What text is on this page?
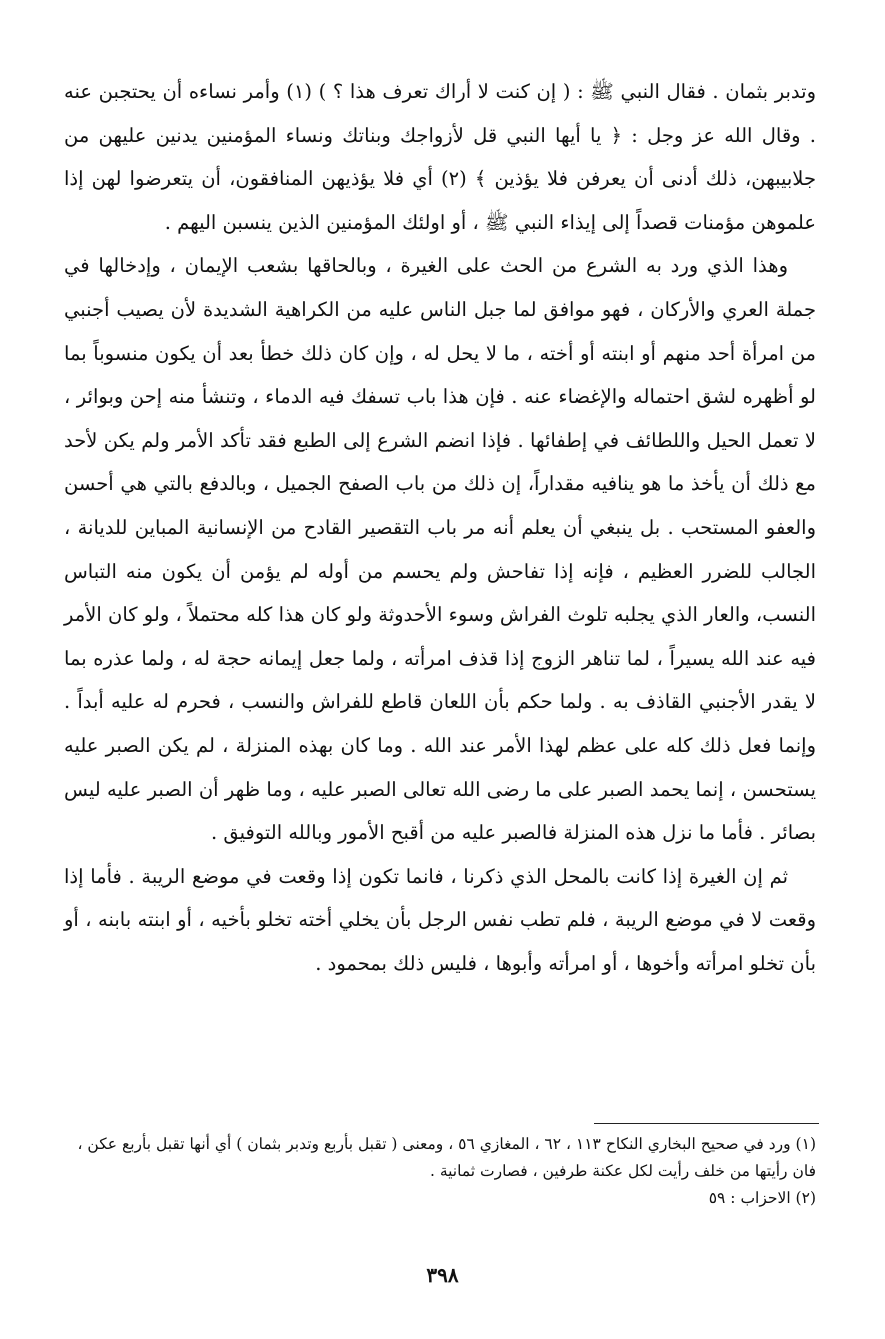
وتدبر بثمان . فقال النبي ﷺ : ( إن كنت لا أراك تعرف هذا ؟ ) (١) وأمر نساءه أن يحتجبن عنه . وقال الله عز وجل : ﴿ يا أيها النبي قل لأزواجك وبناتك ونساء المؤمنين يدنين عليهن من جلابيبهن، ذلك أدنى أن يعرفن فلا يؤذين ﴾ (٢) أي فلا يؤذيهن المنافقون، أن يتعرضوا لهن إذا علموهن مؤمنات قصداً إلى إيذاء النبي ﷺ ، أو اولئك المؤمنين الذين ينسبن اليهم .

وهذا الذي ورد به الشرع من الحث على الغيرة ، وبالحاقها بشعب الإيمان ، وإدخالها في جملة العري والأركان ، فهو موافق لما جبل الناس عليه من الكراهية الشديدة لأن يصيب أجنبي من امرأة أحد منهم أو ابنته أو أخته ، ما لا يحل له ، وإن كان ذلك خطأ بعد أن يكون منسوباً بما لو أظهره لشق احتماله والإغضاء عنه . فإن هذا باب تسفك فيه الدماء ، وتنشأ منه إحن وبوائر ، لا تعمل الحيل واللطائف في إطفائها . فإذا انضم الشرع إلى الطبع فقد تأكد الأمر ولم يكن لأحد مع ذلك أن يأخذ ما هو ينافيه مقداراً، إن ذلك من باب الصفح الجميل ، وبالدفع بالتي هي أحسن والعفو المستحب . بل ينبغي أن يعلم أنه مر باب التقصير القادح من الإنسانية المباين للديانة ، الجالب للضرر العظيم ، فإنه إذا تفاحش ولم يحسم من أوله لم يؤمن أن يكون منه التباس النسب، والعار الذي يجلبه تلوث الفراش وسوء الأحدوثة ولو كان هذا كله محتملاً ، ولو كان الأمر فيه عند الله يسيراً ، لما تناهر الزوج إذا قذف امرأته ، ولما جعل إيمانه حجة له ، ولما عذره بما لا يقدر الأجنبي القاذف به . ولما حكم بأن اللعان قاطع للفراش والنسب ، فحرم له عليه أبداً . وإنما فعل ذلك كله على عظم لهذا الأمر عند الله . وما كان بهذه المنزلة ، لم يكن الصبر عليه يستحسن ، إنما يحمد الصبر على ما رضى الله تعالى الصبر عليه ، وما ظهر أن الصبر عليه ليس بصائر . فأما ما نزل هذه المنزلة فالصبر عليه من أقبح الأمور وبالله التوفيق .

ثم إن الغيرة إذا كانت بالمحل الذي ذكرنا ، فانما تكون إذا وقعت في موضع الريبة . فأما إذا وقعت لا في موضع الريبة ، فلم تطب نفس الرجل بأن يخلي أخته تخلو بأخيه ، أو ابنته بابنه ، أو بأن تخلو امرأته وأخوها ، أو امرأته وأبوها ، فليس ذلك بمحمود .

(١) ورد في صحيح البخاري النكاح ١١٣ ، ٦٢ ، المغازي ٥٦ ، ومعنى ( تقبل بأربع وتدبر بثمان ) أي أنها تقبل بأربع عكن ، فان رأيتها من خلف رأيت لكل عكنة طرفين ، فصارت ثمانية .

(٢) الاحزاب : ٥٩

٣٩٨
